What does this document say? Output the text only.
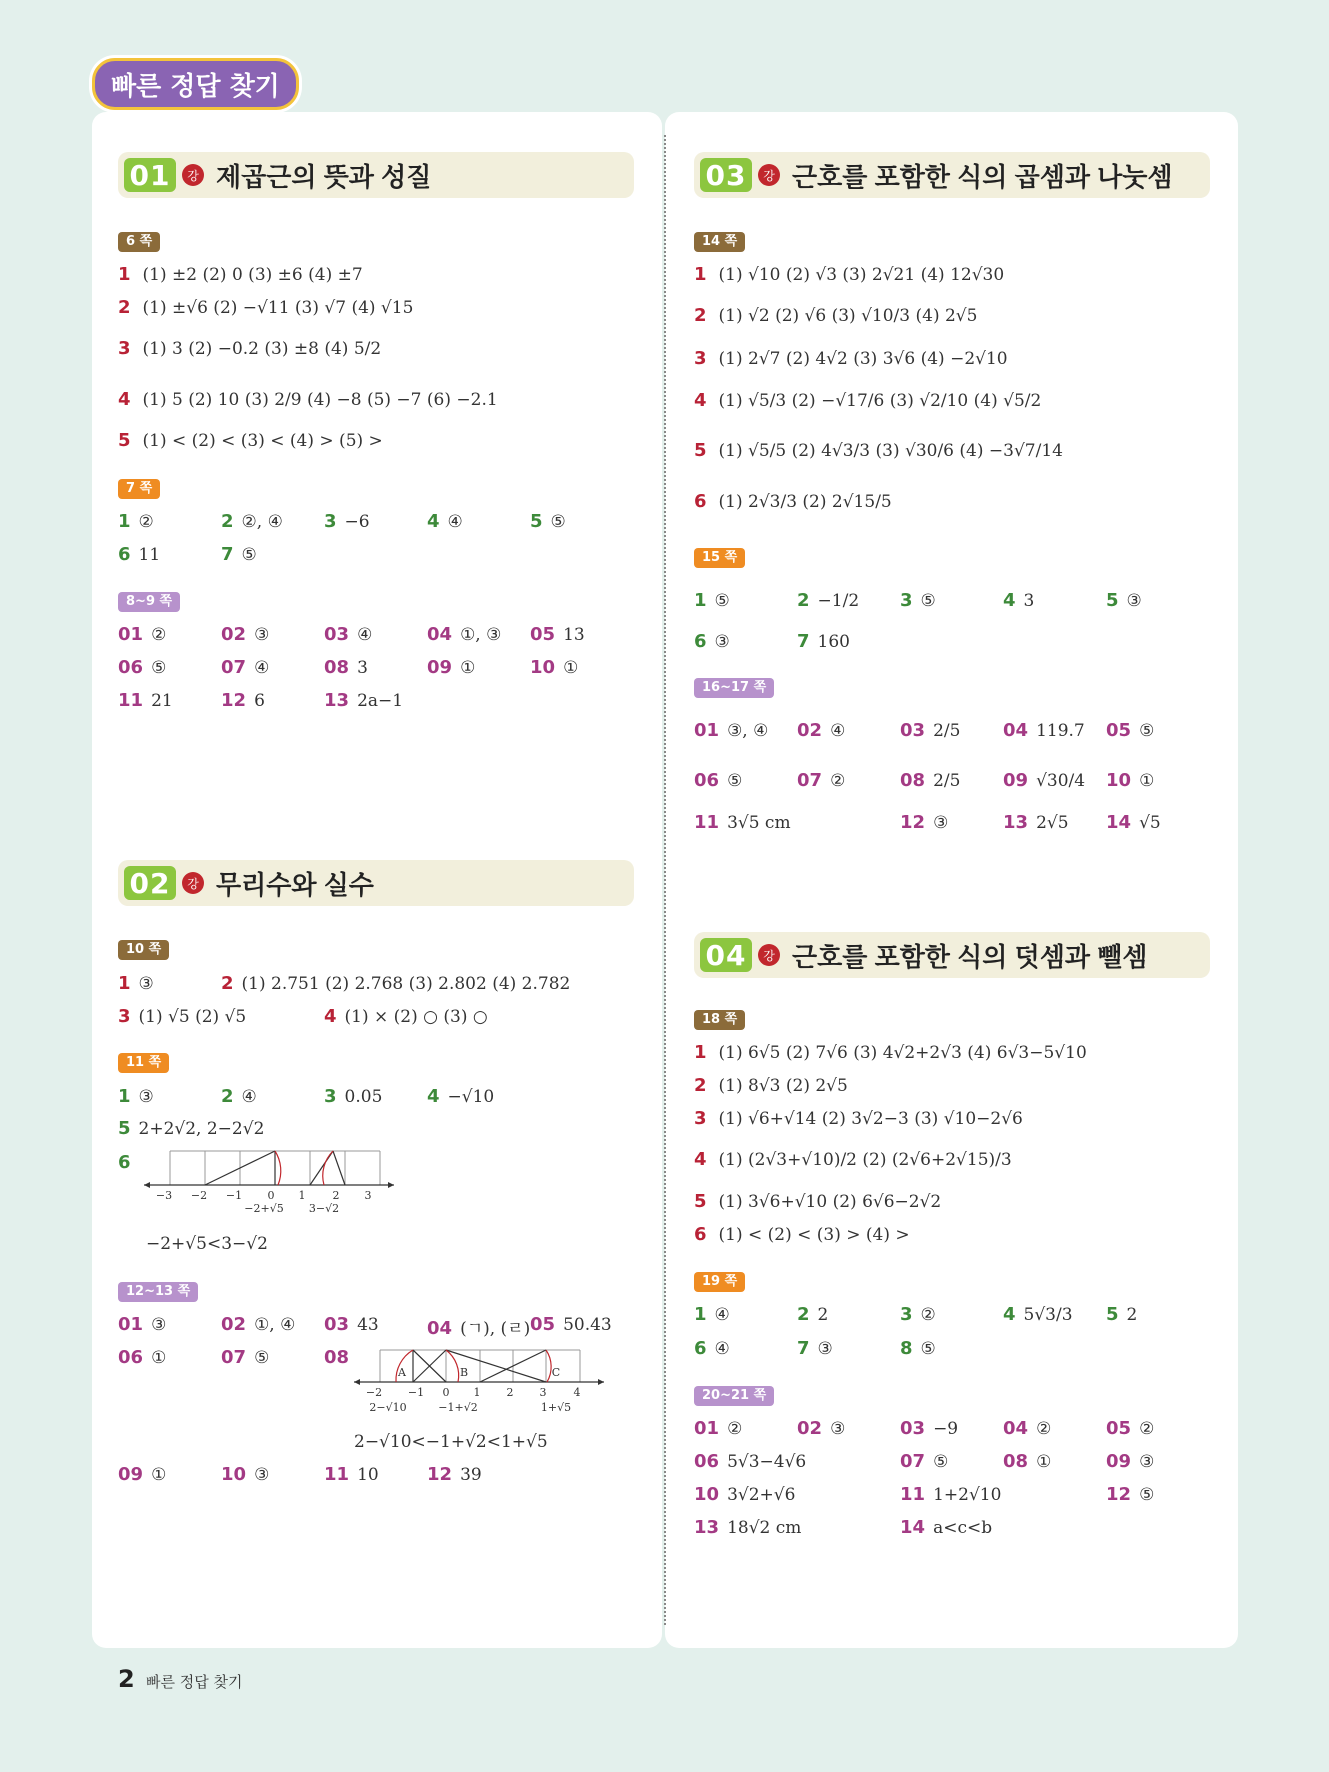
빠른 정답 찾기
01	강 제곱근의 뜻과 성질
6 쪽
1 (1) ±2 (2) 0 (3) ±6 (4) ±7
2 (1) ±√6 (2) −√11 (3) √7 (4) √15
3 (1) 3 (2) −0.2 (3) ±8 (4) 5/2
4 (1) 5 (2) 10 (3) 2/9 (4) −8 (5) −7 (6) −2.1
5 (1) < (2) < (3) < (4) > (5) >
7 쪽
1 ②	2 ②, ④ 3 −6	4 ④	5 ⑤
6 11	7 ⑤
8~9 쪽
01 ②	02 ③	03 ④	04 ①, ③ 05 13
06 ⑤	07 ④	08 3	09 ①	10 ①
11 21	12 6	13 2a−1
02	강 무리수와 실수
10 쪽
1 ③	2 (1) 2.751 (2) 2.768 (3) 2.802 (4) 2.782
3 (1) √5 (2) √5	4 (1) × (2) ○ (3) ○
11 쪽
1 ③	2 ④	3 0.05 4 −√10
5 2+2√2, 2−2√2
6
−3 −2 −1 0 1 2 3
−2+√5 3−√2
−2+√5<3−√2
12~13 쪽
01 ③	02 ①, ④ 03 43	04 (ㄱ), (ㄹ) 05 50.43
06 ①	07 ⑤	08
09 ①	10 ③	11 10	12 39
A	B	C
−2 −1 0 1 2 3 4
2−√10	−1+√2	1+√5
2−√10<−1+√2<1+√5
03	강 근호를 포함한 식의 곱셈과 나눗셈
14 쪽
1 (1) √10 (2) √3 (3) 2√21 (4) 12√30
2 (1) √2 (2) √6 (3) √10/3 (4) 2√5
3 (1) 2√7 (2) 4√2 (3) 3√6 (4) −2√10
4 (1) √5/3 (2) −√17/6 (3) √2/10 (4) √5/2
5 (1) √5/5 (2) 4√3/3 (3) √30/6 (4) −3√7/14
6 (1) 2√3/3 (2) 2√15/5
15 쪽
1 ⑤	2 −1/2 3 ⑤	4 3	5 ③
6 ③	7 160
16~17 쪽
01 ③, ④ 02 ④	03 2/5 04 119.7 05 ⑤
06 ⑤	07 ②	08 2/5 09 √30/4 10 ①
11 3√5 cm	12 ③	13 2√5 14 √5
04	강 근호를 포함한 식의 덧셈과 뺄셈
18 쪽
1 (1) 6√5 (2) 7√6 (3) 4√2+2√3 (4) 6√3−5√10
2 (1) 8√3 (2) 2√5
3 (1) √6+√14 (2) 3√2−3 (3) √10−2√6
4 (1) (2√3+√10)/2 (2) (2√6+2√15)/3
5 (1) 3√6+√10 (2) 6√6−2√2
6 (1) < (2) < (3) > (4) >
19 쪽
1 ④	2 2	3 ②	4 5√3/3 5 2
6 ④	7 ③	8 ⑤
20~21 쪽
01 ②	02 ③	03 −9 04 ②	05 ②
06 5√3−4√6	07 ⑤	08 ①	09 ③
10 3√2+√6	11 1+2√10	12 ⑤
13 18√2 cm	14 a<c<b
2 빠른 정답 찾기
